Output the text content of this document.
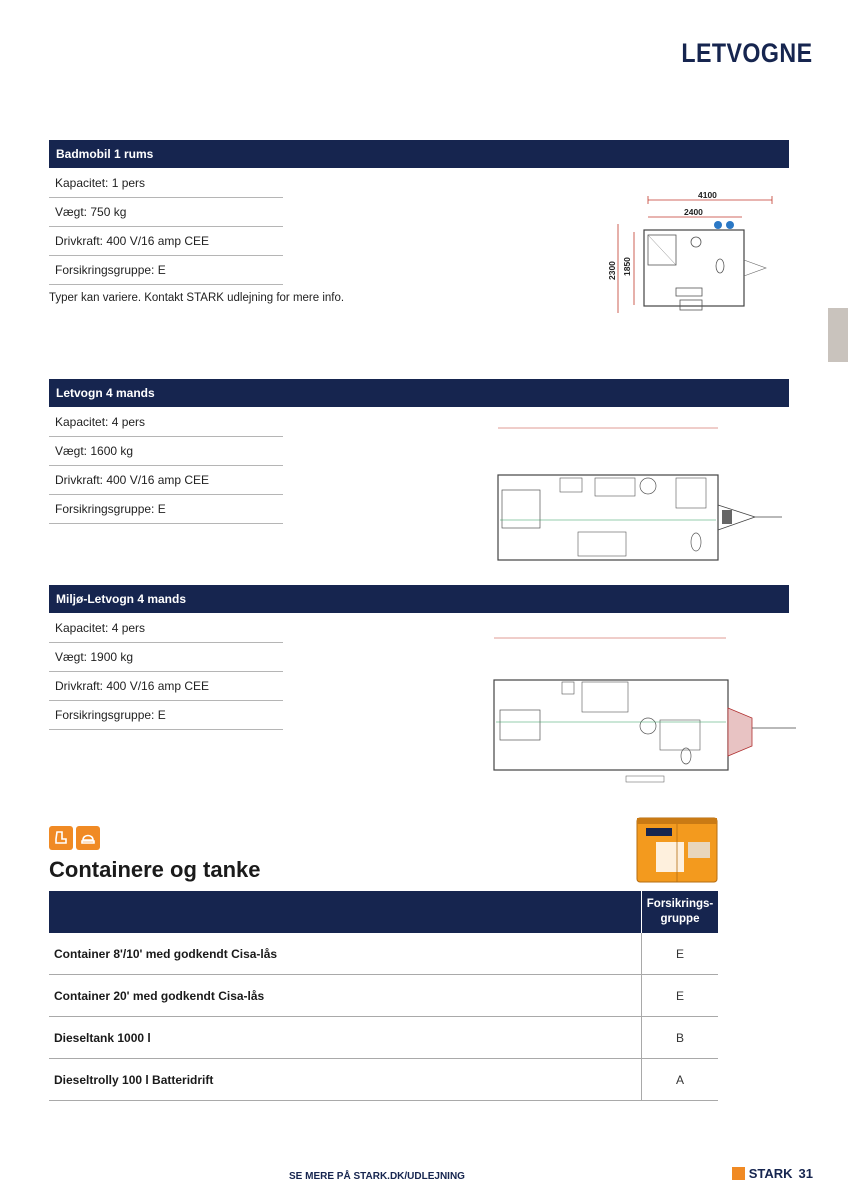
LETVOGNE
Badmobil 1 rums
Kapacitet: 1 pers
Vægt: 750 kg
Drivkraft: 400 V/16 amp CEE
Forsikringsgruppe: E
Typer kan variere. Kontakt STARK udlejning for mere info.
4100
2400
2300 1850
Letvogn 4 mands
Kapacitet: 4 pers
Vægt: 1600 kg
Drivkraft: 400 V/16 amp CEE
Forsikringsgruppe: E
Miljø-Letvogn 4 mands
Kapacitet: 4 pers
Vægt: 1900 kg
Drivkraft: 400 V/16 amp CEE
Forsikringsgruppe: E
Containere og tanke

	Forsikrings-
gruppe

Container 8'/10' med godkendt Cisa-lås	E
Container 20' med godkendt Cisa-lås	E
Dieseltank 1000 l	B
Dieseltrolly 100 l Batteridrift	A
SE MERE PÅ STARK.DK/UDLEJNING	STARK 31
